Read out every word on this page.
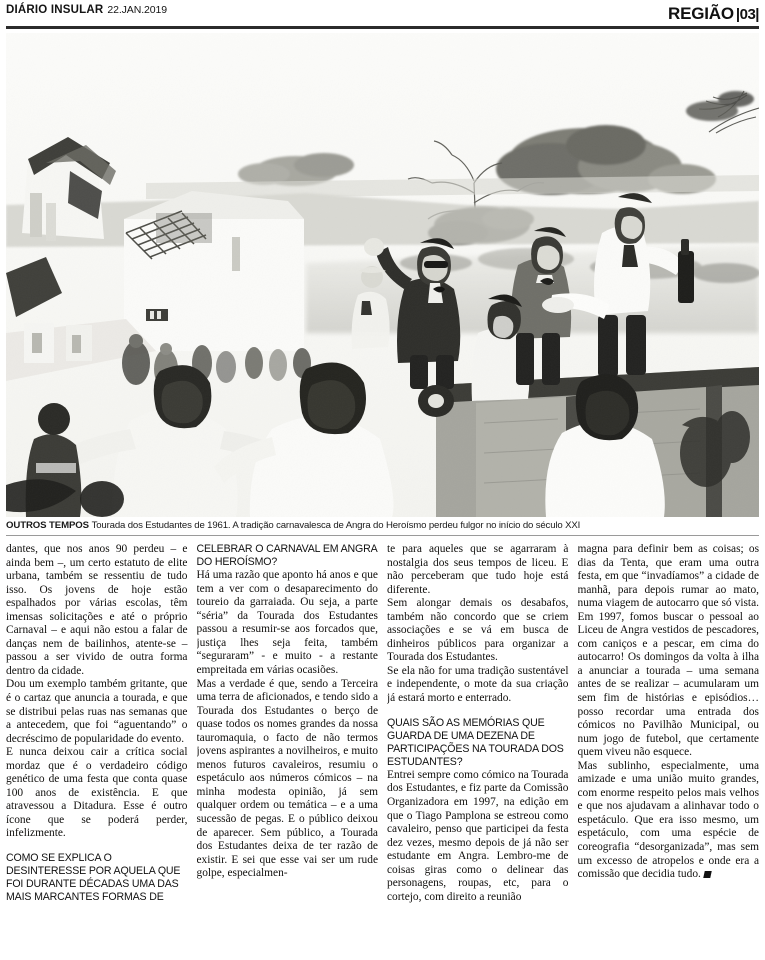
DIÁRIO INSULAR 22.JAN.2019	REGIÃO |03|
OUTROS TEMPOS Tourada dos Estudantes de 1961. A tradição carnavalesca de Angra do Heroísmo perdeu fulgor no início do século XXI

dantes, que nos anos 90 perdeu – e ainda bem –, um certo estatuto de elite urbana, também se ressentiu de tudo isso. Os jovens de hoje estão espalhados por várias escolas, têm imensas solicitações e até o próprio Carnaval – e aqui não estou a falar de danças nem de bailinhos, atente-se – passou a ser vivido de outra forma dentro da cidade.

Dou um exemplo também gritante, que é o cartaz que anuncia a tourada, e que se distribui pelas ruas nas semanas que a antecedem, que foi “aguentando” o decréscimo de popularidade do evento.

E nunca deixou cair a crítica social mordaz que é o verdadeiro código genético de uma festa que conta quase 100 anos de existência. E que atravessou a Ditadura. Esse é outro ícone que se poderá perder, infelizmente.

COMO SE EXPLICA O DESINTERESSE POR AQUELA QUE FOI DURANTE DÉCADAS UMA DAS MAIS MARCANTES FORMAS DE

CELEBRAR O CARNAVAL EM ANGRA DO HEROÍSMO?

Há uma razão que aponto há anos e que tem a ver com o desaparecimento do toureio da garraiada. Ou seja, a parte “séria” da Tourada dos Estudantes passou a resumir-se aos forcados que, justiça lhes seja feita, também “seguraram” - e muito - a restante empreitada em várias ocasiões.

Mas a verdade é que, sendo a Terceira uma terra de aficionados, e tendo sido a Tourada dos Estudantes o berço de quase todos os nomes grandes da nossa tauromaquia, o facto de não termos jovens aspirantes a novilheiros, e muito menos futuros cavaleiros, resumiu o espetáculo aos números cómicos – na minha modesta opinião, já sem qualquer ordem ou temática – e a uma sucessão de pegas. E o público deixou de aparecer. Sem público, a Tourada dos Estudantes deixa de ter razão de existir. E sei que esse vai ser um rude golpe, especialmen-

te para aqueles que se agarraram à nostalgia dos seus tempos de liceu. E não perceberam que tudo hoje está diferente.

Sem alongar demais os desabafos, também não concordo que se criem associações e se vá em busca de dinheiros públicos para organizar a Tourada dos Estudantes.

Se ela não for uma tradição sustentável e independente, o mote da sua criação já estará morto e enterrado.

QUAIS SÃO AS MEMÓRIAS QUE GUARDA DE UMA DEZENA DE PARTICIPAÇÕES NA TOURADA DOS ESTUDANTES?

Entrei sempre como cómico na Tourada dos Estudantes, e fiz parte da Comissão Organizadora em 1997, na edição em que o Tiago Pamplona se estreou como cavaleiro, penso que participei da festa dez vezes, mesmo depois de já não ser estudante em Angra. Lembro-me de coisas giras como o delinear das personagens, roupas, etc, para o cortejo, com direito a reunião

magna para definir bem as coisas; os dias da Tenta, que eram uma outra festa, em que “invadíamos” a cidade de manhã, para depois rumar ao mato, numa viagem de autocarro que só vista. Em 1997, fomos buscar o pessoal ao Liceu de Angra vestidos de pescadores, com caniços e a pescar, em cima do autocarro! Os domingos da volta à ilha a anunciar a tourada – uma semana antes de se realizar – acumularam um sem fim de histórias e episódios…posso recordar uma entrada dos cómicos no Pavilhão Municipal, ou num jogo de futebol, que certamente quem viveu não esquece.

Mas sublinho, especialmente, uma amizade e uma união muito grandes, com enorme respeito pelos mais velhos e que nos ajudavam a alinhavar todo o espetáculo. Que era isso mesmo, um espetáculo, com uma espécie de coreografia “desorganizada”, mas sem um excesso de atropelos e onde era a comissão que decidia tudo.
